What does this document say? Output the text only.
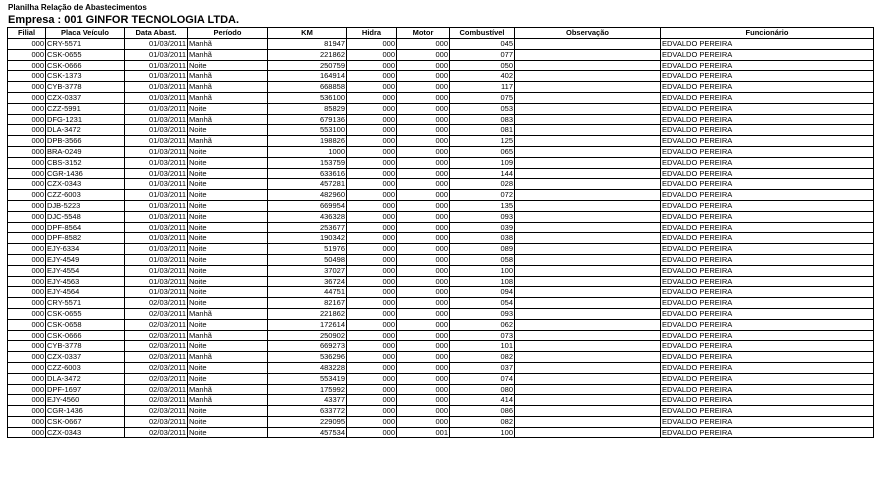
Planilha Relação de Abastecimentos
Empresa : 001 GINFOR TECNOLOGIA LTDA.
Filial	Placa Veículo	Data Abast.	Período	KM	Hidra	Motor	Combustível	Observação	Funcionário
000	CRY-5571	01/03/2011	Manhã	81947	000	000	045		EDVALDO PEREIRA
000	CSK-0655	01/03/2011	Manhã	221862	000	000	077		EDVALDO PEREIRA
000	CSK-0666	01/03/2011	Noite	250759	000	000	050		EDVALDO PEREIRA
000	CSK-1373	01/03/2011	Manhã	164914	000	000	402		EDVALDO PEREIRA
000	CYB-3778	01/03/2011	Manhã	668858	000	000	117		EDVALDO PEREIRA
000	CZX-0337	01/03/2011	Manhã	536100	000	000	075		EDVALDO PEREIRA
000	CZZ-5991	01/03/2011	Noite	85829	000	000	053		EDVALDO PEREIRA
000	DFG-1231	01/03/2011	Manhã	679136	000	000	083		EDVALDO PEREIRA
000	DLA-3472	01/03/2011	Noite	553100	000	000	081		EDVALDO PEREIRA
000	DPB-3566	01/03/2011	Manhã	198826	000	000	125		EDVALDO PEREIRA
000	BRA-0249	01/03/2011	Noite	1000	000	000	065		EDVALDO PEREIRA
000	CBS-3152	01/03/2011	Noite	153759	000	000	109		EDVALDO PEREIRA
000	CGR-1436	01/03/2011	Noite	633616	000	000	144		EDVALDO PEREIRA
000	CZX-0343	01/03/2011	Noite	457281	000	000	028		EDVALDO PEREIRA
000	CZZ-6003	01/03/2011	Noite	482960	000	000	072		EDVALDO PEREIRA
000	DJB-5223	01/03/2011	Noite	669954	000	000	135		EDVALDO PEREIRA
000	DJC-5548	01/03/2011	Noite	436328	000	000	093		EDVALDO PEREIRA
000	DPF-8564	01/03/2011	Noite	253677	000	000	039		EDVALDO PEREIRA
000	DPF-8582	01/03/2011	Noite	190342	000	000	038		EDVALDO PEREIRA
000	EJY-6334	01/03/2011	Noite	51976	000	000	089		EDVALDO PEREIRA
000	EJY-4549	01/03/2011	Noite	50498	000	000	058		EDVALDO PEREIRA
000	EJY-4554	01/03/2011	Noite	37027	000	000	100		EDVALDO PEREIRA
000	EJY-4563	01/03/2011	Noite	36724	000	000	108		EDVALDO PEREIRA
000	EJY-4564	01/03/2011	Noite	44751	000	000	094		EDVALDO PEREIRA
000	CRY-5571	02/03/2011	Noite	82167	000	000	054		EDVALDO PEREIRA
000	CSK-0655	02/03/2011	Manhã	221862	000	000	093		EDVALDO PEREIRA
000	CSK-0658	02/03/2011	Noite	172614	000	000	062		EDVALDO PEREIRA
000	CSK-0666	02/03/2011	Manhã	250902	000	000	073		EDVALDO PEREIRA
000	CYB-3778	02/03/2011	Noite	669273	000	000	101		EDVALDO PEREIRA
000	CZX-0337	02/03/2011	Manhã	536296	000	000	082		EDVALDO PEREIRA
000	CZZ-6003	02/03/2011	Noite	483228	000	000	037		EDVALDO PEREIRA
000	DLA-3472	02/03/2011	Noite	553419	000	000	074		EDVALDO PEREIRA
000	DPF-1697	02/03/2011	Manhã	175992	000	000	080		EDVALDO PEREIRA
000	EJY-4560	02/03/2011	Manhã	43377	000	000	414		EDVALDO PEREIRA
000	CGR-1436	02/03/2011	Noite	633772	000	000	086		EDVALDO PEREIRA
000	CSK-0667	02/03/2011	Noite	229095	000	000	082		EDVALDO PEREIRA
000	CZX-0343	02/03/2011	Noite	457534	000	001	100		EDVALDO PEREIRA
